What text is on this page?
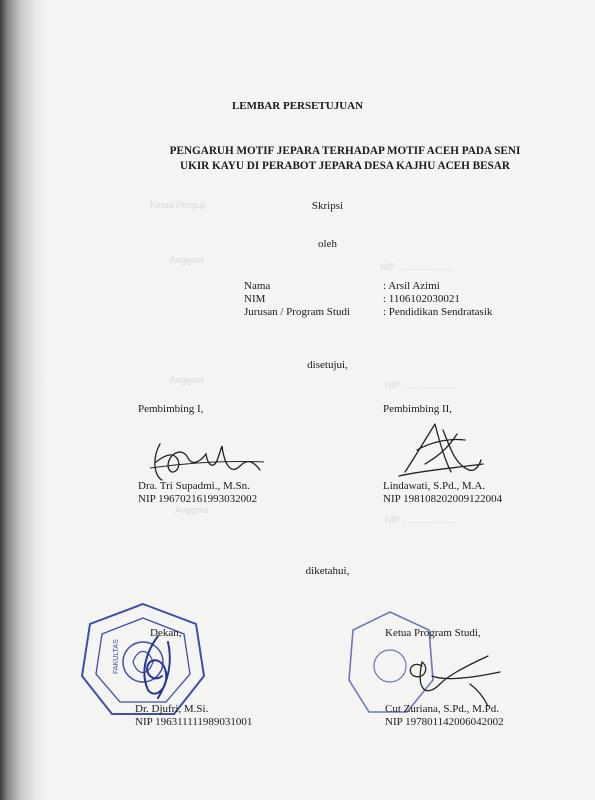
Ketua Penguji
Anggota
NIP ......................
Anggota	NIP ......................
Anggota
NIP ......................
LEMBAR PERSETUJUAN
PENGARUH MOTIF JEPARA TERHADAP MOTIF ACEH PADA SENI
UKIR KAYU DI PERABOT JEPARA DESA KAJHU ACEH BESAR
Skripsi
oleh
Nama	: Arsil Azimi
NIM	: 1106102030021
Jurusan / Program Studi	: Pendidikan Sendratasik
disetujui,
Pembimbing I,	Pembimbing II,
Dra. Tri Supadmi., M.Sn.
NIP 196702161993032002
Lindawati, S.Pd., M.A.
NIP 198108202009122004
diketahui,
FAKULTAS
Dekan,	Ketua Program Studi,
Dr. Djufri, M.Si.
NIP 196311111989031001
Cut Zuriana, S.Pd., M.Pd.
NIP 197801142006042002
